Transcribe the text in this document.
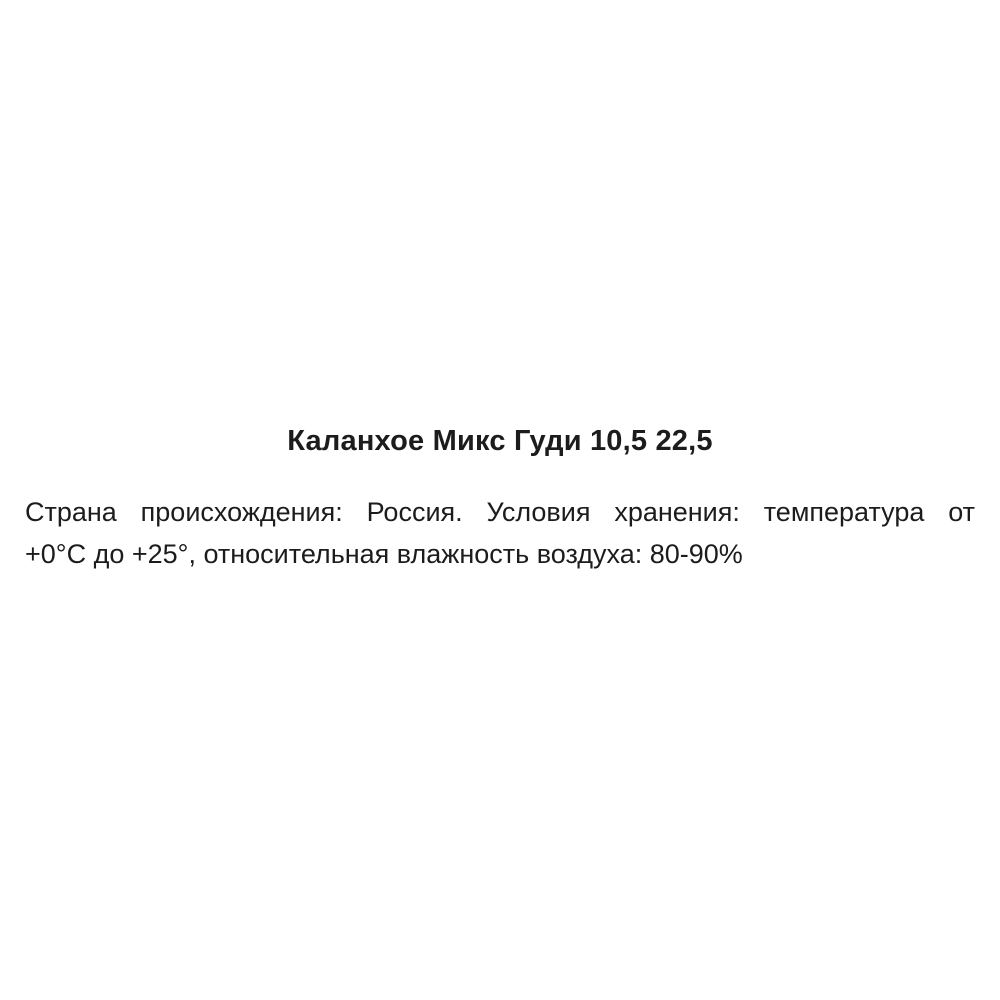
Каланхое Микс Гуди 10,5 22,5

Страна происхождения: Россия. Условия хранения: температура от
+0°С до +25°, относительная влажность воздуха: 80-90%
